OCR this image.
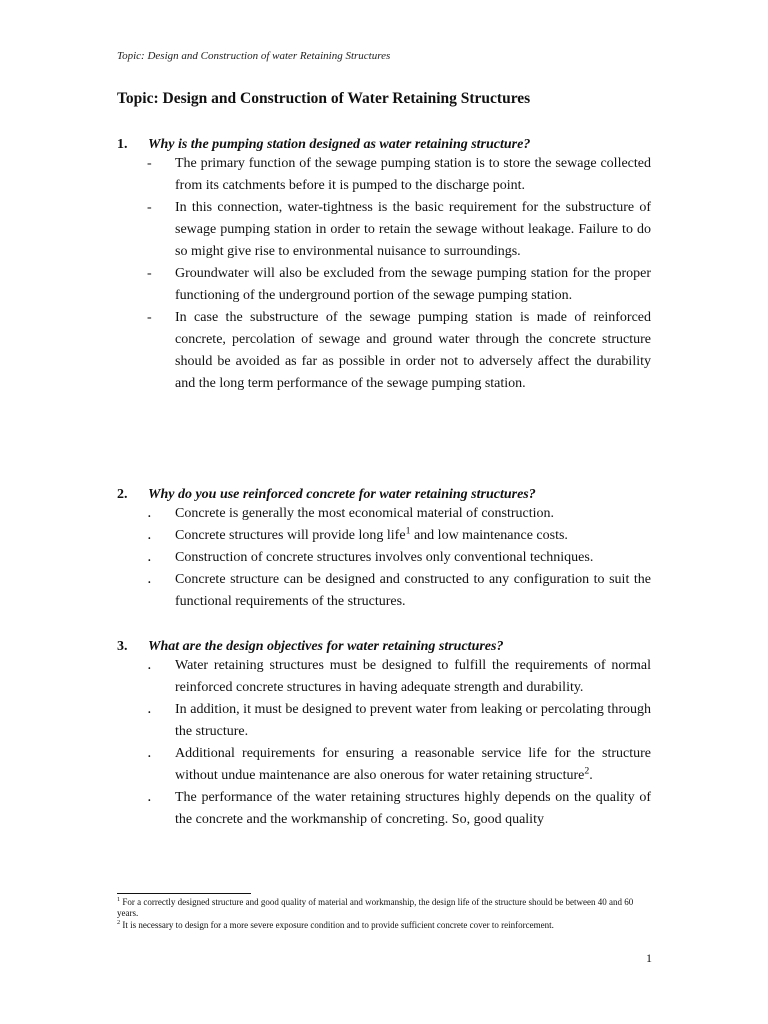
Topic: Design and Construction of water Retaining Structures
Topic: Design and Construction of Water Retaining Structures
1.	Why is the pumping station designed as water retaining structure?
-	The primary function of the sewage pumping station is to store the sewage collected from its catchments before it is pumped to the discharge point.
-	In this connection, water-tightness is the basic requirement for the substructure of sewage pumping station in order to retain the sewage without leakage. Failure to do so might give rise to environmental nuisance to surroundings.
-	Groundwater will also be excluded from the sewage pumping station for the proper functioning of the underground portion of the sewage pumping station.
-	In case the substructure of the sewage pumping station is made of reinforced concrete, percolation of sewage and ground water through the concrete structure should be avoided as far as possible in order not to adversely affect the durability and the long term performance of the sewage pumping station.
2.	Why do you use reinforced concrete for water retaining structures?
․	Concrete is generally the most economical material of construction.
․	Concrete structures will provide long life$^1$ and low maintenance costs.
․	Construction of concrete structures involves only conventional techniques.
․	Concrete structure can be designed and constructed to any configuration to suit the functional requirements of the structures.
3.	What are the design objectives for water retaining structures?
․	Water retaining structures must be designed to fulfill the requirements of normal reinforced concrete structures in having adequate strength and durability.
․	In addition, it must be designed to prevent water from leaking or percolating through the structure.
․	Additional requirements for ensuring a reasonable service life for the structure without undue maintenance are also onerous for water retaining structure$^2$.
․	The performance of the water retaining structures highly depends on the quality of the concrete and the workmanship of concreting. So, good quality

$^1$ For a correctly designed structure and good quality of material and workmanship, the design life of the structure should be between 40 and 60 years.

$^2$ It is necessary to design for a more severe exposure condition and to provide sufficient concrete cover to reinforcement.

1
